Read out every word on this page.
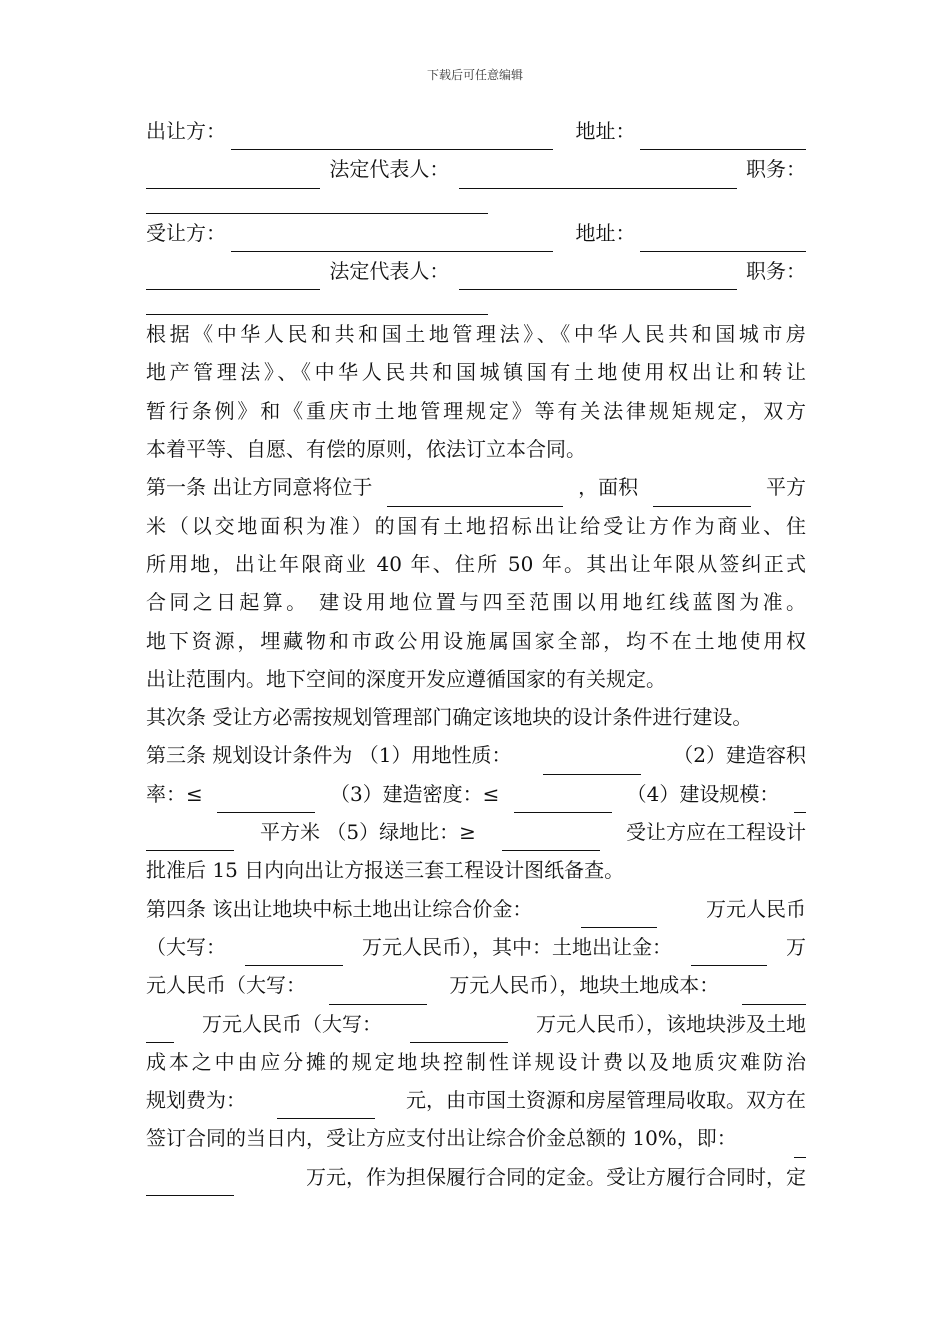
下载后可任意编辑
出让方：	地址：
法定代表人：	职务：
受让方：	地址：
法定代表人：	职务：
根据《中华人民和共和国土地管理法》、《中华人民共和国城市房
地产管理法》、《中华人民共和国城镇国有土地使用权出让和转让
暂行条例》和《重庆市土地管理规定》等有关法律规矩规定，双方
本着平等、自愿、有偿的原则，依法订立本合同。
第一条 出让方同意将位于	，面积	平方
米（以交地面积为准）的国有土地招标出让给受让方作为商业、住
所用地，出让年限商业 40 年、住所 50 年。其出让年限从签纠正式
合同之日起算。 建设用地位置与四至范围以用地红线蓝图为准。
地下资源，埋藏物和市政公用设施属国家全部，均不在土地使用权
出让范围内。地下空间的深度开发应遵循国家的有关规定。
其次条 受让方必需按规划管理部门确定该地块的设计条件进行建设。
第三条 规划设计条件为 （1）用地性质：	（2）建造容积
率：≤	（3）建造密度：≤	（4）建设规模：
平方米 （5）绿地比：≥	受让方应在工程设计
批准后 15 日内向出让方报送三套工程设计图纸备查。
第四条 该出让地块中标土地出让综合价金：	万元人民币
（大写：	万元人民币），其中：土地出让金：	万
元人民币（大写：	万元人民币），地块土地成本：
万元人民币（大写：	万元人民币），该地块涉及土地
成本之中由应分摊的规定地块控制性详规设计费以及地质灾难防治
规划费为：	元，由市国土资源和房屋管理局收取。双方在
签订合同的当日内，受让方应支付出让综合价金总额的 10%，即：
万元，作为担保履行合同的定金。受让方履行合同时，定
